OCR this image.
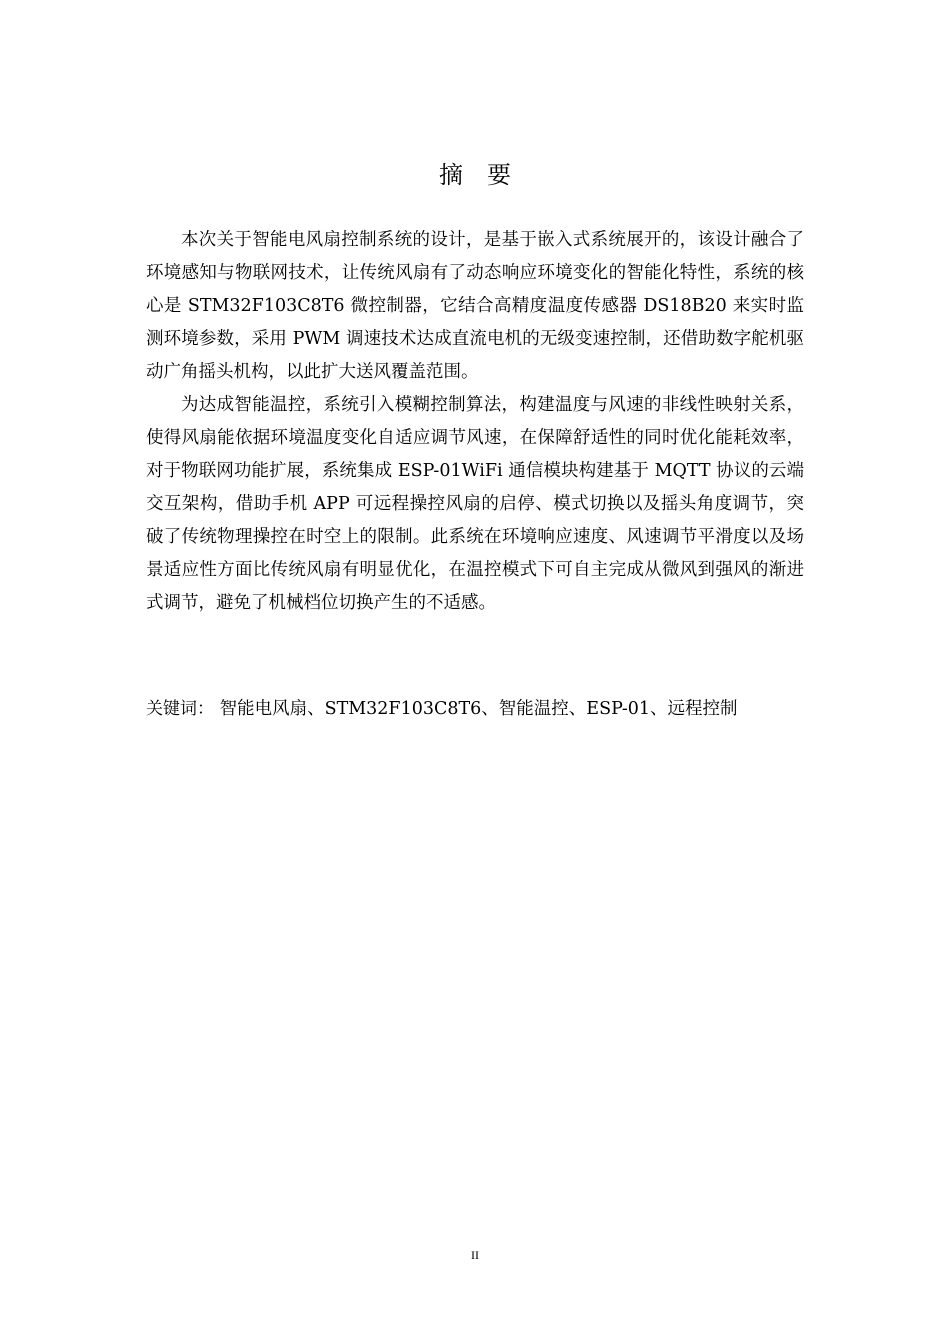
摘 要

本次关于智能电风扇控制系统的设计，是基于嵌入式系统展开的，该设计融合了环境感知与物联网技术，让传统风扇有了动态响应环境变化的智能化特性，系统的核心是 STM32F103C8T6 微控制器，它结合高精度温度传感器 DS18B20 来实时监测环境参数，采用 PWM 调速技术达成直流电机的无级变速控制，还借助数字舵机驱动广角摇头机构，以此扩大送风覆盖范围。

为达成智能温控，系统引入模糊控制算法，构建温度与风速的非线性映射关系，使得风扇能依据环境温度变化自适应调节风速，在保障舒适性的同时优化能耗效率，对于物联网功能扩展，系统集成 ESP-01WiFi 通信模块构建基于 MQTT 协议的云端交互架构，借助手机 APP 可远程操控风扇的启停、模式切换以及摇头角度调节，突破了传统物理操控在时空上的限制。此系统在环境响应速度、风速调节平滑度以及场景适应性方面比传统风扇有明显优化，在温控模式下可自主完成从微风到强风的渐进式调节，避免了机械档位切换产生的不适感。

关键词： 智能电风扇、STM32F103C8T6、智能温控、ESP-01、远程控制
II
